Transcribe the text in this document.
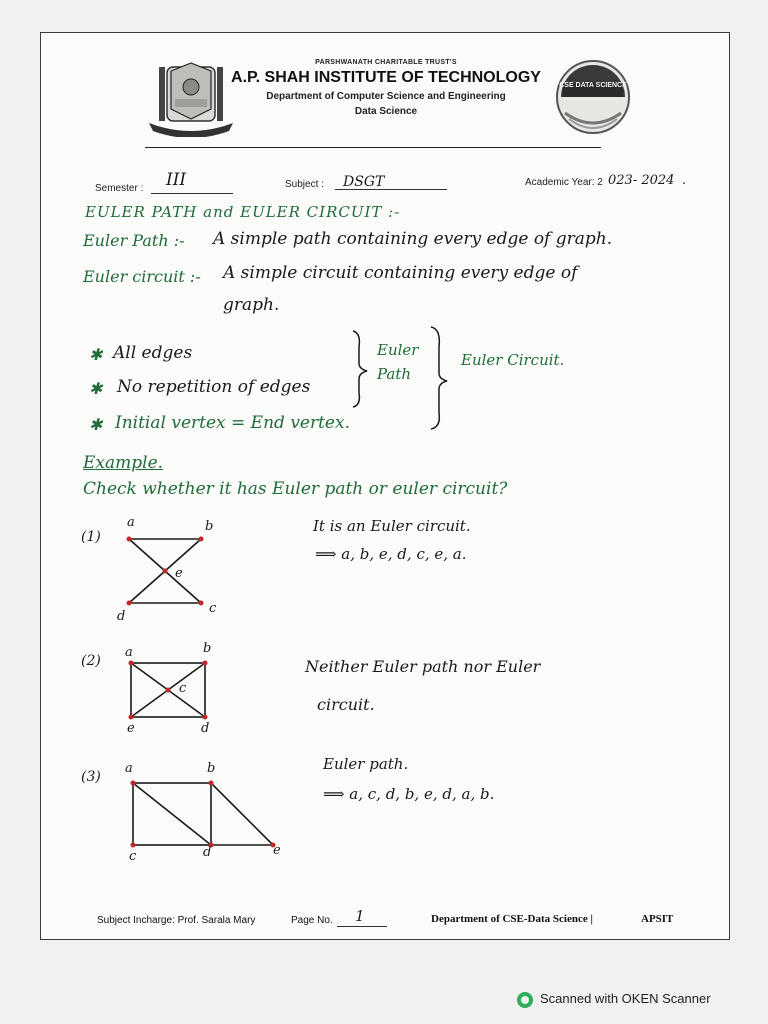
PARSHWANATH CHARITABLE TRUST'S
A.P. SHAH INSTITUTE OF TECHNOLOGY
Department of Computer Science and Engineering
Data Science
CSE DATA SCIENCE
Semester : III	Subject : DSGT	Academic Year: 2 023- 2024 .
EULER PATH and EULER CIRCUIT :-
Euler Path :- A simple path containing every edge of graph.
Euler circuit :- A simple circuit containing every edge of
graph.
✱ All edges
✱ No repetition of edges
✱ Initial vertex = End vertex.
Euler
Path
Euler Circuit.
Example.
Check whether it has Euler path or euler circuit?
(1)
a	b
e
d
c
It is an Euler circuit.
⟹ a, b, e, d, c, e, a.
(2)
a	b
c
e	d
Neither Euler path nor Euler
circuit.
(3)
a	b
c	d	e
Euler path.
⟹ a, c, d, b, e, d, a, b.
Subject Incharge: Prof. Sarala Mary	Page No. 1	Department of CSE-Data Science |	APSIT
Scanned with OKEN Scanner
